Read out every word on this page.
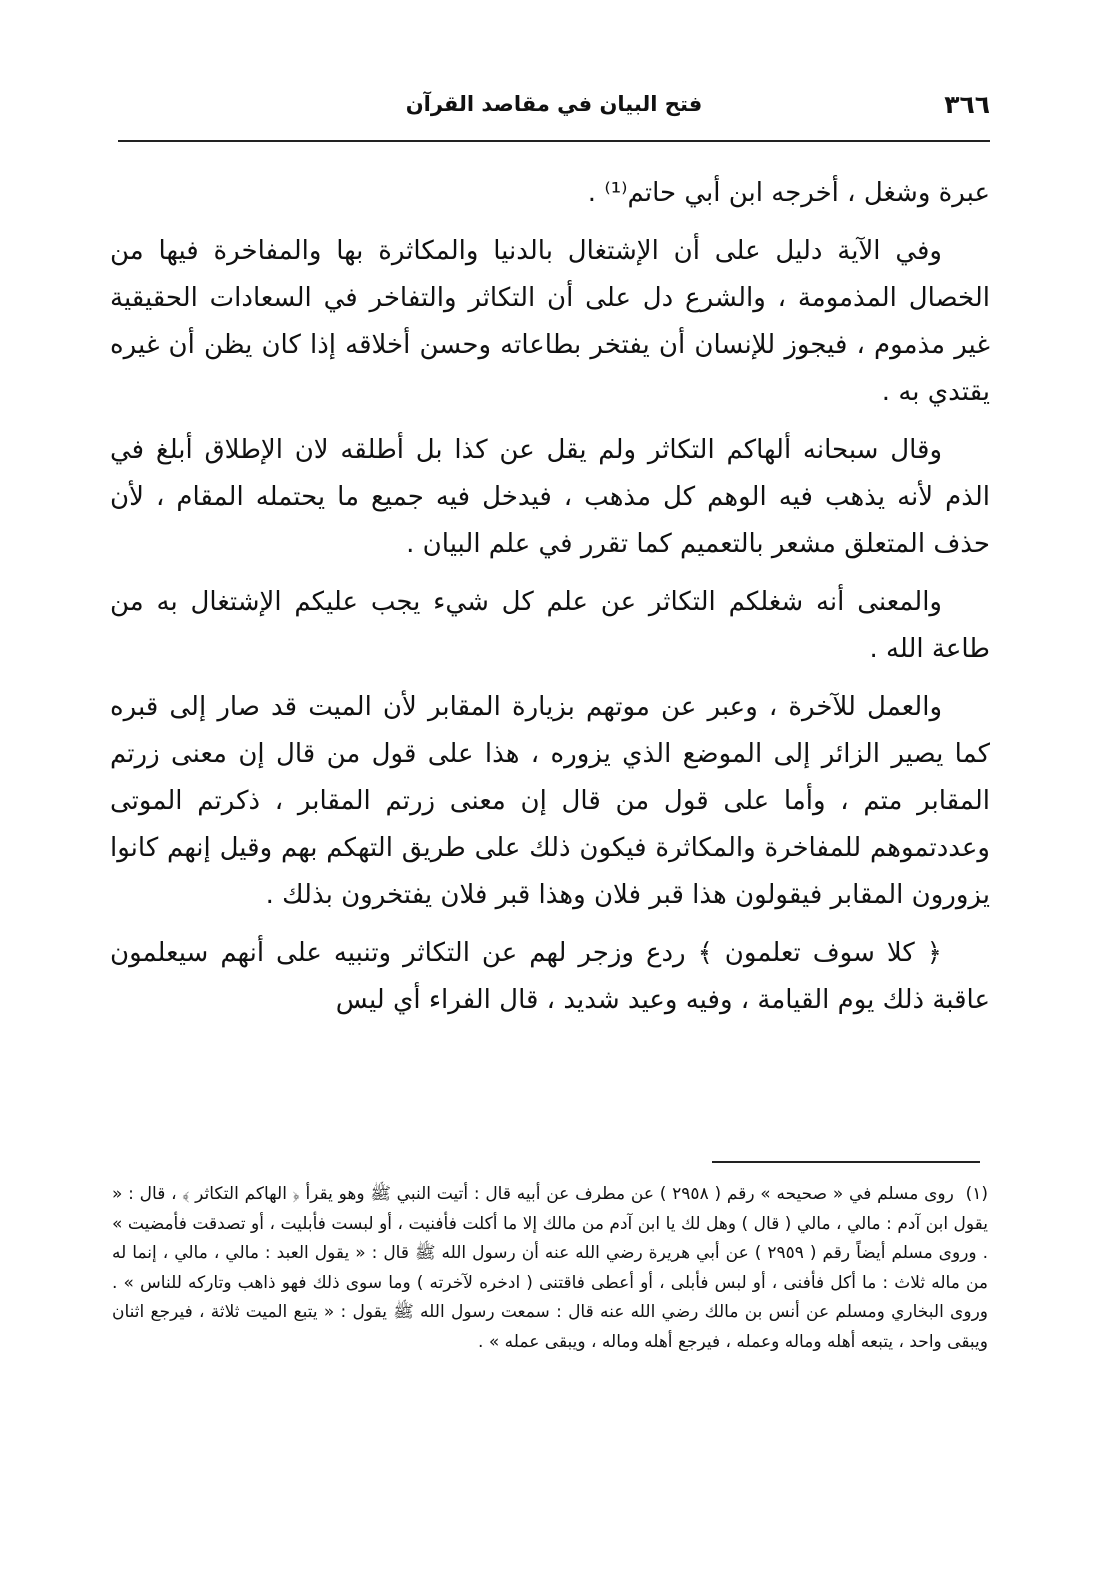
٣٦٦
فتح البيان في مقاصد القرآن

عبرة وشغل ، أخرجه ابن أبي حاتم⁽¹⁾ .

وفي الآية دليل على أن الإشتغال بالدنيا والمكاثرة بها والمفاخرة فيها من الخصال المذمومة ، والشرع دل على أن التكاثر والتفاخر في السعادات الحقيقية غير مذموم ، فيجوز للإنسان أن يفتخر بطاعاته وحسن أخلاقه إذا كان يظن أن غيره يقتدي به .

وقال سبحانه ألهاكم التكاثر ولم يقل عن كذا بل أطلقه لان الإطلاق أبلغ في الذم لأنه يذهب فيه الوهم كل مذهب ، فيدخل فيه جميع ما يحتمله المقام ، لأن حذف المتعلق مشعر بالتعميم كما تقرر في علم البيان .

والمعنى أنه شغلكم التكاثر عن علم كل شيء يجب عليكم الإشتغال به من طاعة الله .

والعمل للآخرة ، وعبر عن موتهم بزيارة المقابر لأن الميت قد صار إلى قبره كما يصير الزائر إلى الموضع الذي يزوره ، هذا على قول من قال إن معنى زرتم المقابر متم ، وأما على قول من قال إن معنى زرتم المقابر ، ذكرتم الموتى وعددتموهم للمفاخرة والمكاثرة فيكون ذلك على طريق التهكم بهم وقيل إنهم كانوا يزورون المقابر فيقولون هذا قبر فلان وهذا قبر فلان يفتخرون بذلك .

﴿ كلا سوف تعلمون ﴾ ردع وزجر لهم عن التكاثر وتنبيه على أنهم سيعلمون عاقبة ذلك يوم القيامة ، وفيه وعيد شديد ، قال الفراء أي ليس

(١) روى مسلم في « صحيحه » رقم ( ٢٩٥٨ ) عن مطرف عن أبيه قال : أتيت النبي ﷺ وهو يقرأ ﴿ الهاكم التكاثر ﴾ ، قال : « يقول ابن آدم : مالي ، مالي ( قال ) وهل لك يا ابن آدم من مالك إلا ما أكلت فأفنيت ، أو لبست فأبليت ، أو تصدقت فأمضيت » . وروى مسلم أيضاً رقم ( ٢٩٥٩ ) عن أبي هريرة رضي الله عنه أن رسول الله ﷺ قال : « يقول العبد : مالي ، مالي ، إنما له من ماله ثلاث : ما أكل فأفنى ، أو لبس فأبلى ، أو أعطى فاقتنى ( ادخره لآخرته ) وما سوى ذلك فهو ذاهب وتاركه للناس » . وروى البخاري ومسلم عن أنس بن مالك رضي الله عنه قال : سمعت رسول الله ﷺ يقول : « يتبع الميت ثلاثة ، فيرجع اثنان ويبقى واحد ، يتبعه أهله وماله وعمله ، فيرجع أهله وماله ، ويبقى عمله » .
